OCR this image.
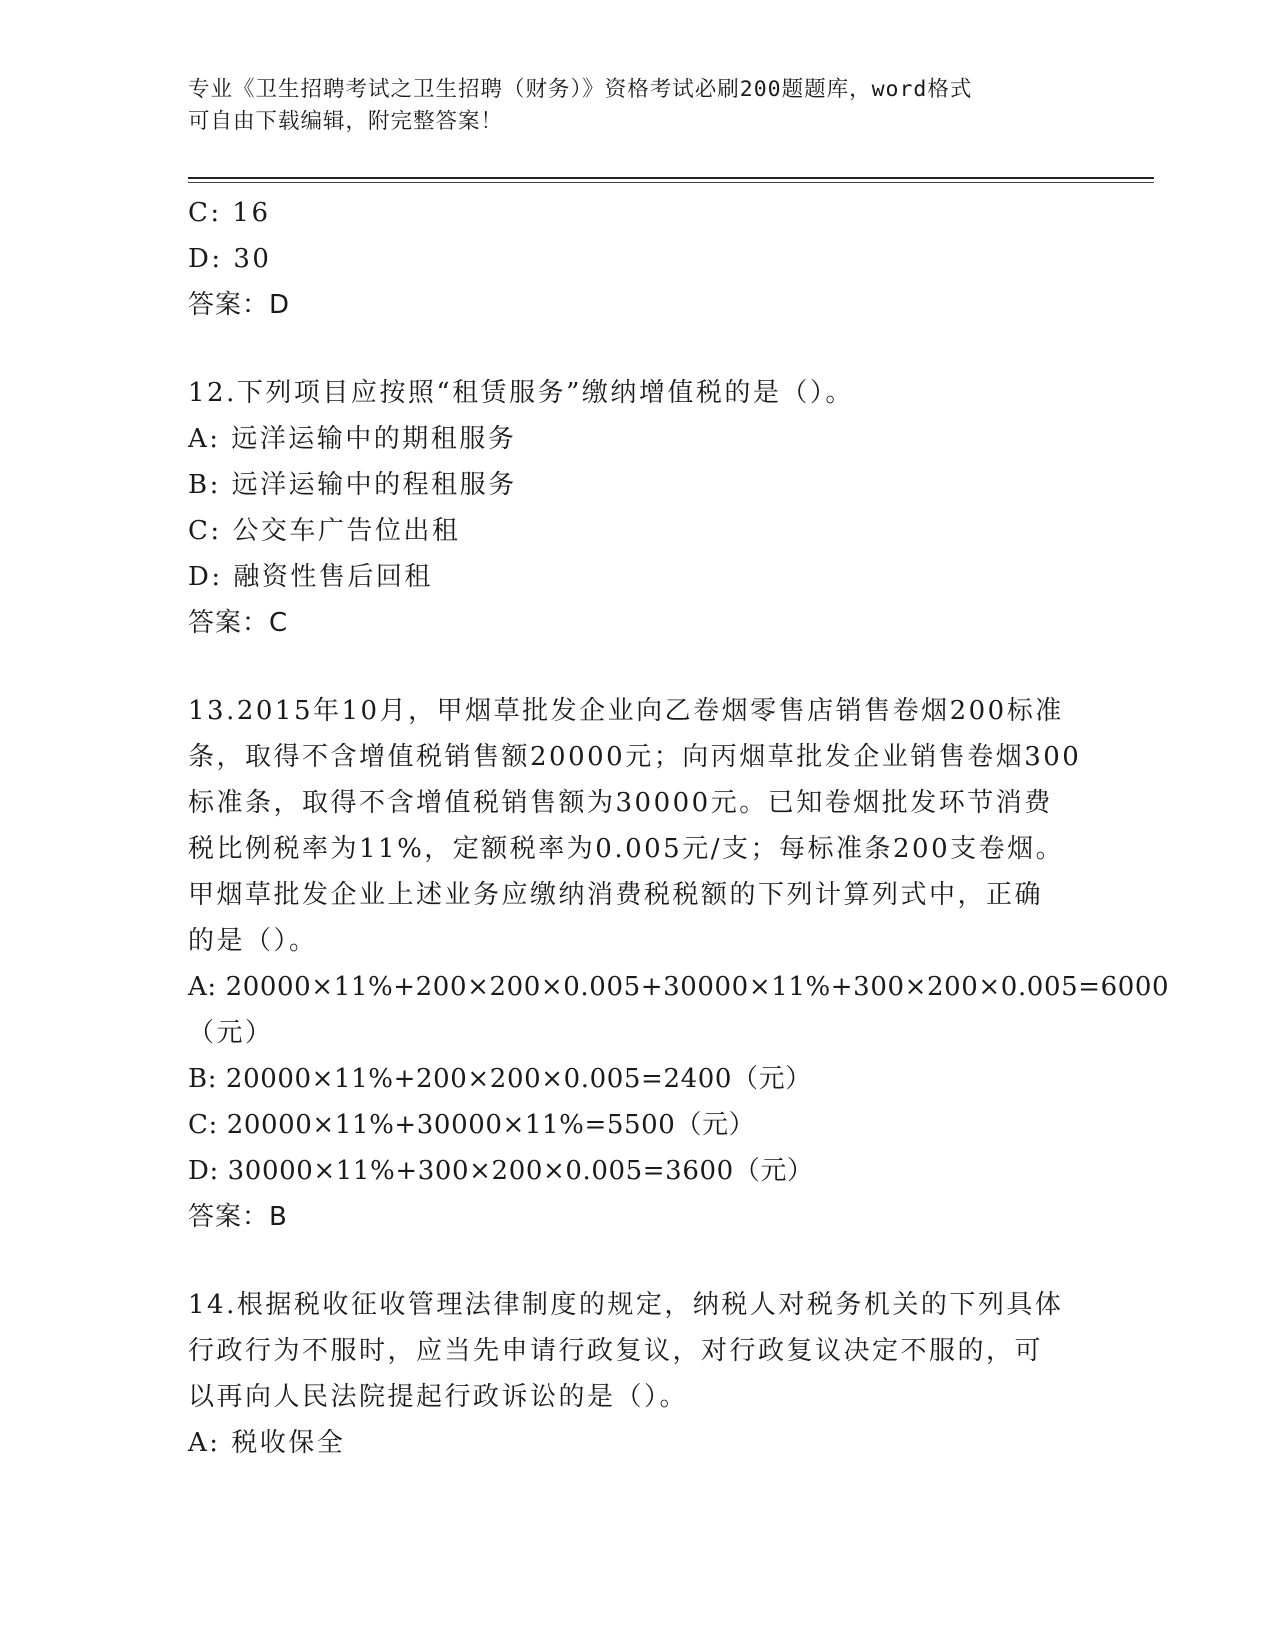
专业《卫生招聘考试之卫生招聘（财务）》资格考试必刷200题题库，word格式
可自由下载编辑，附完整答案！
C: 16
D: 30
答案：D
12.下列项目应按照“租赁服务”缴纳增值税的是（）。
A: 远洋运输中的期租服务
B: 远洋运输中的程租服务
C: 公交车广告位出租
D: 融资性售后回租
答案：C
13.2015年10月，甲烟草批发企业向乙卷烟零售店销售卷烟200标准
条，取得不含增值税销售额20000元；向丙烟草批发企业销售卷烟300
标准条，取得不含增值税销售额为30000元。已知卷烟批发环节消费
税比例税率为11%，定额税率为0.005元/支；每标准条200支卷烟。
甲烟草批发企业上述业务应缴纳消费税税额的下列计算列式中，正确
的是（）。
A: 20000×11%+200×200×0.005+30000×11%+300×200×0.005=6000
（元）
B: 20000×11%+200×200×0.005=2400（元）
C: 20000×11%+30000×11%=5500（元）
D: 30000×11%+300×200×0.005=3600（元）
答案：B
14.根据税收征收管理法律制度的规定，纳税人对税务机关的下列具体
行政行为不服时，应当先申请行政复议，对行政复议决定不服的，可
以再向人民法院提起行政诉讼的是（）。
A: 税收保全
